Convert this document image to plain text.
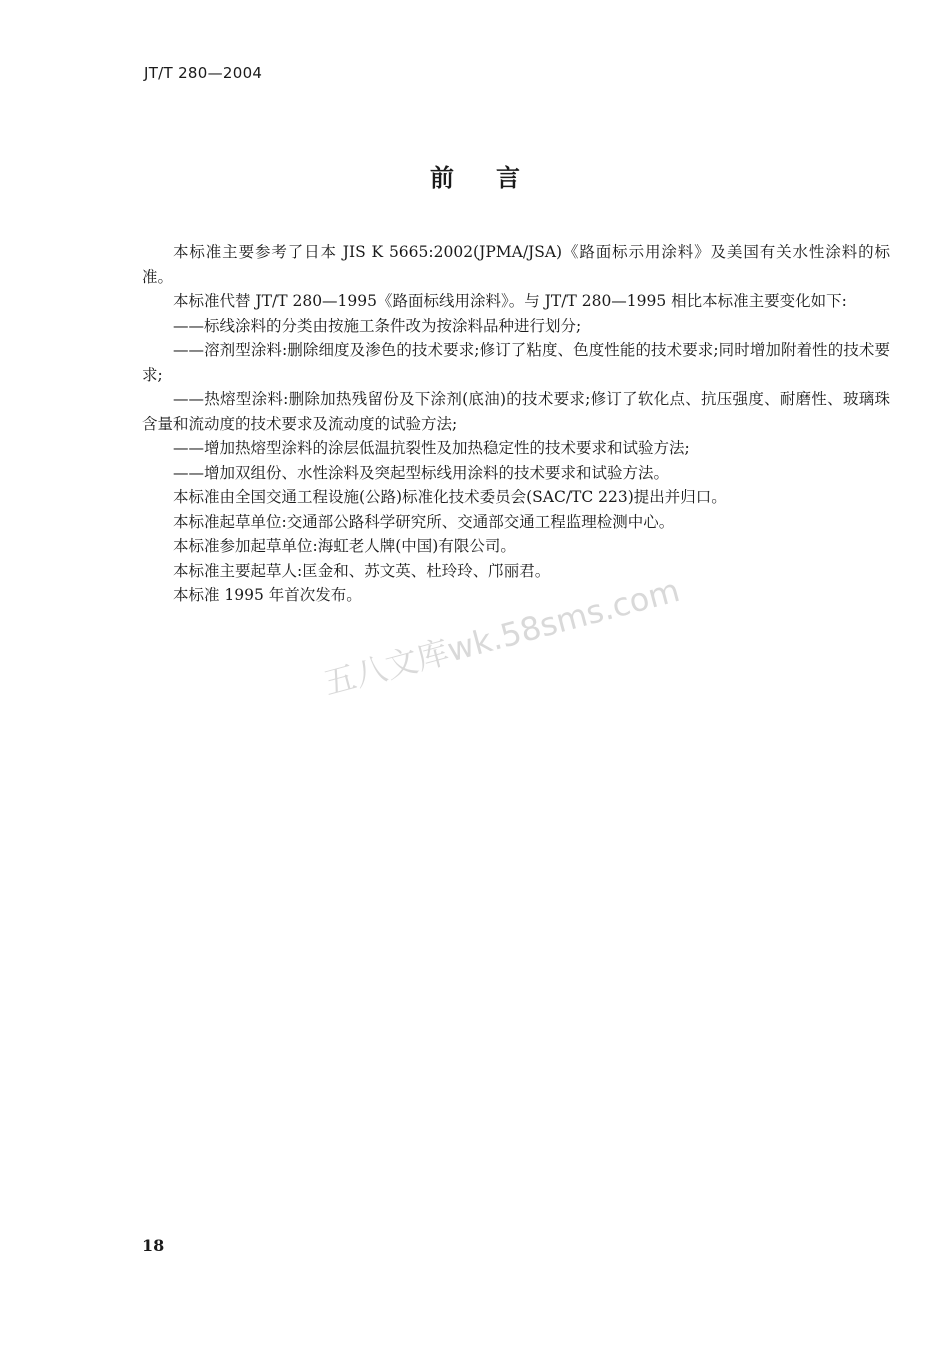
JT/T 280—2004
前言

本标准主要参考了日本 JIS K 5665:2002(JPMA/JSA)《路面标示用涂料》及美国有关水性涂料的标准。

本标准代替 JT/T 280—1995《路面标线用涂料》。与 JT/T 280—1995 相比本标准主要变化如下:

——标线涂料的分类由按施工条件改为按涂料品种进行划分;

——溶剂型涂料:删除细度及渗色的技术要求;修订了粘度、色度性能的技术要求;同时增加附着性的技术要求;

——热熔型涂料:删除加热残留份及下涂剂(底油)的技术要求;修订了软化点、抗压强度、耐磨性、玻璃珠含量和流动度的技术要求及流动度的试验方法;

——增加热熔型涂料的涂层低温抗裂性及加热稳定性的技术要求和试验方法;

——增加双组份、水性涂料及突起型标线用涂料的技术要求和试验方法。

本标准由全国交通工程设施(公路)标准化技术委员会(SAC/TC 223)提出并归口。

本标准起草单位:交通部公路科学研究所、交通部交通工程监理检测中心。

本标准参加起草单位:海虹老人牌(中国)有限公司。

本标准主要起草人:匡金和、苏文英、杜玲玲、邝丽君。

本标准 1995 年首次发布。

五八文库wk.58sms.com
18
